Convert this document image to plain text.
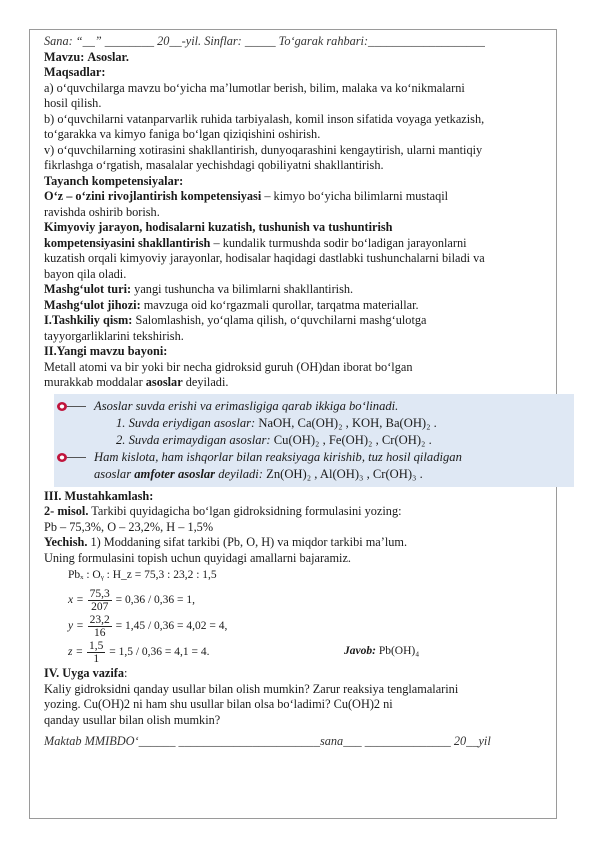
Sana: “__” ________ 20__-yil. Sinflar: _____ To‘garak rahbari:___________________

Mavzu: Asoslar.

Maqsadlar:

a) o‘quvchilarga mavzu bo‘yicha ma’lumotlar berish, bilim, malaka va ko‘nikmalarni

hosil qilish.

b) o‘quvchilarni vatanparvarlik ruhida tarbiyalash, komil inson sifatida voyaga yetkazish,

to‘garakka va kimyo faniga bo‘lgan qiziqishini oshirish.

v) o‘quvchilarning xotirasini shakllantirish, dunyoqarashini kengaytirish, ularni mantiqiy

fikrlashga o‘rgatish, masalalar yechishdagi qobiliyatni shakllantirish.

Tayanch kompetensiyalar:

O‘z – o‘zini rivojlantirish kompetensiyasi – kimyo bo‘yicha bilimlarni mustaqil

ravishda oshirib borish.

Kimyoviy jarayon, hodisalarni kuzatish, tushunish va tushuntirish

kompetensiyasini shakllantirish – kundalik turmushda sodir bo‘ladigan jarayonlarni

kuzatish orqali kimyoviy jarayonlar, hodisalar haqidagi dastlabki tushunchalarni biladi va

bayon qila oladi.

Mashg‘ulot turi: yangi tushuncha va bilimlarni shakllantirish.

Mashg‘ulot jihozi: mavzuga oid ko‘rgazmali qurollar, tarqatma materiallar.

I.Tashkiliy qism: Salomlashish, yo‘qlama qilish, o‘quvchilarni mashg‘ulotga

tayyorgarliklarini tekshirish.

II.Yangi mavzu bayoni:

Metall atomi va bir yoki bir necha gidroksid guruh (OH)dan iborat bo‘lgan

murakkab moddalar asoslar deyiladi.

Asoslar suvda erishi va erimasligiga qarab ikkiga bo‘linadi.
1. Suvda eriydigan asoslar: NaOH, Ca(OH)₂ , KOH, Ba(OH)₂ .
2. Suvda erimaydigan asoslar: Cu(OH)₂ , Fe(OH)₂ , Cr(OH)₂ .
Ham kislota, ham ishqorlar bilan reaksiyaga kirishib, tuz hosil qiladigan
asoslar amfoter asoslar deyiladi: Zn(OH)₂ , Al(OH)₃ , Cr(OH)₃ .

III. Mustahkamlash:

2- misol. Tarkibi quyidagicha bo‘lgan gidroksidning formulasini yozing:

Pb – 75,3%, O – 23,2%, H – 1,5%

Yechish. 1) Moddaning sifat tarkibi (Pb, O, H) va miqdor tarkibi ma’lum.

Uning formulasini topish uchun quyidagi amallarni bajaramiz.

Pbₓ : Oᵧ : H_z = 75,3 : 23,2 : 1,5
$x = \frac{75,3}{207} = 0,36 / 0,36 = 1$,
$y = \frac{23,2}{16} = 1,45 / 0,36 = 4,02 = 4$,
$z = \frac{1,5}{1} = 1,5 / 0,36 = 4,1 = 4$.	Javob: Pb(OH)₄

IV. Uyga vazifa:

Kaliy gidroksidni qanday usullar bilan olish mumkin? Zarur reaksiya tenglamalarini

yozing. Cu(OH)2 ni ham shu usullar bilan olsa bo‘ladimi? Cu(OH)2 ni

qanday usullar bilan olish mumkin?

Maktab MMIBDO‘______ _______________________sana___ ______________ 20__yil
